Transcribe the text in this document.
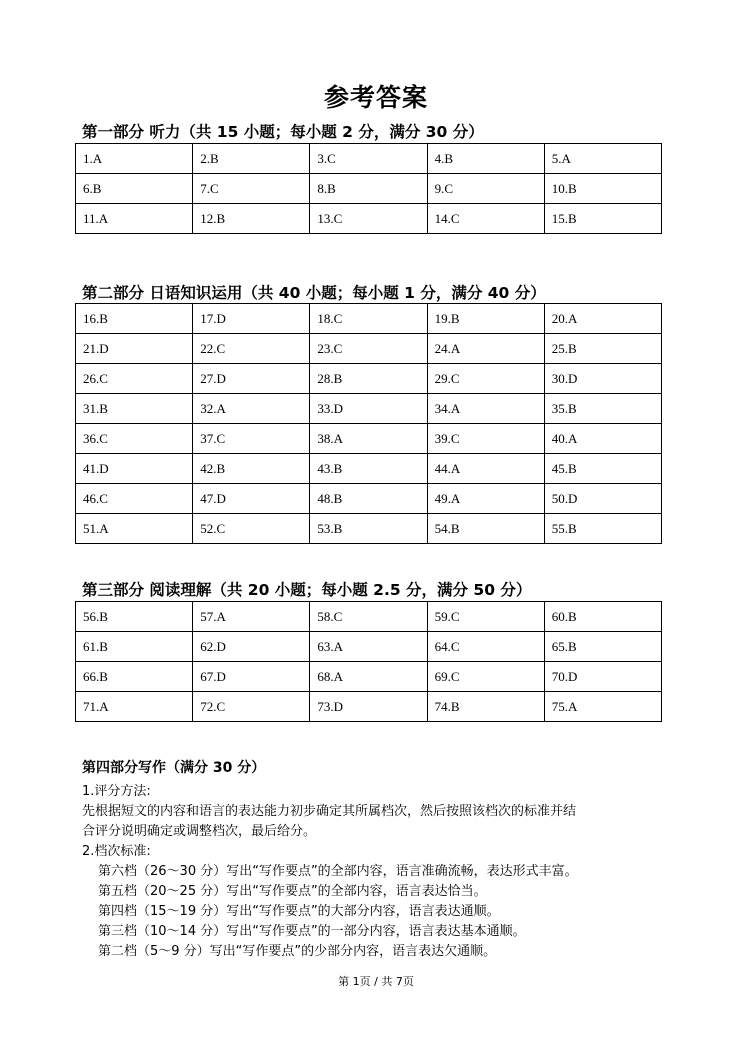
参考答案
第一部分 听力（共 15 小题；每小题 2 分，满分 30 分）
1.A	2.B	3.C	4.B	5.A
6.B	7.C	8.B	9.C	10.B
11.A	12.B	13.C	14.C	15.B
第二部分 日语知识运用（共 40 小题；每小题 1 分，满分 40 分）
16.B	17.D	18.C	19.B	20.A
21.D	22.C	23.C	24.A	25.B
26.C	27.D	28.B	29.C	30.D
31.B	32.A	33.D	34.A	35.B
36.C	37.C	38.A	39.C	40.A
41.D	42.B	43.B	44.A	45.B
46.C	47.D	48.B	49.A	50.D
51.A	52.C	53.B	54.B	55.B
第三部分 阅读理解（共 20 小题；每小题 2.5 分，满分 50 分）
56.B	57.A	58.C	59.C	60.B
61.B	62.D	63.A	64.C	65.B
66.B	67.D	68.A	69.C	70.D
71.A	72.C	73.D	74.B	75.A
第四部分写作（满分 30 分）
1.评分方法:
先根据短文的内容和语言的表达能力初步确定其所属档次，然后按照该档次的标准并结
合评分说明确定或调整档次，最后给分。
2.档次标准:
第六档（26～30 分）写出“写作要点”的全部内容，语言准确流畅，表达形式丰富。
第五档（20～25 分）写出“写作要点”的全部内容，语言表达恰当。
第四档（15～19 分）写出“写作要点”的大部分内容，语言表达通顺。
第三档（10～14 分）写出“写作要点”的一部分内容，语言表达基本通顺。
第二档（5～9 分）写出“写作要点”的少部分内容，语言表达欠通顺。
第 1页 / 共 7页
